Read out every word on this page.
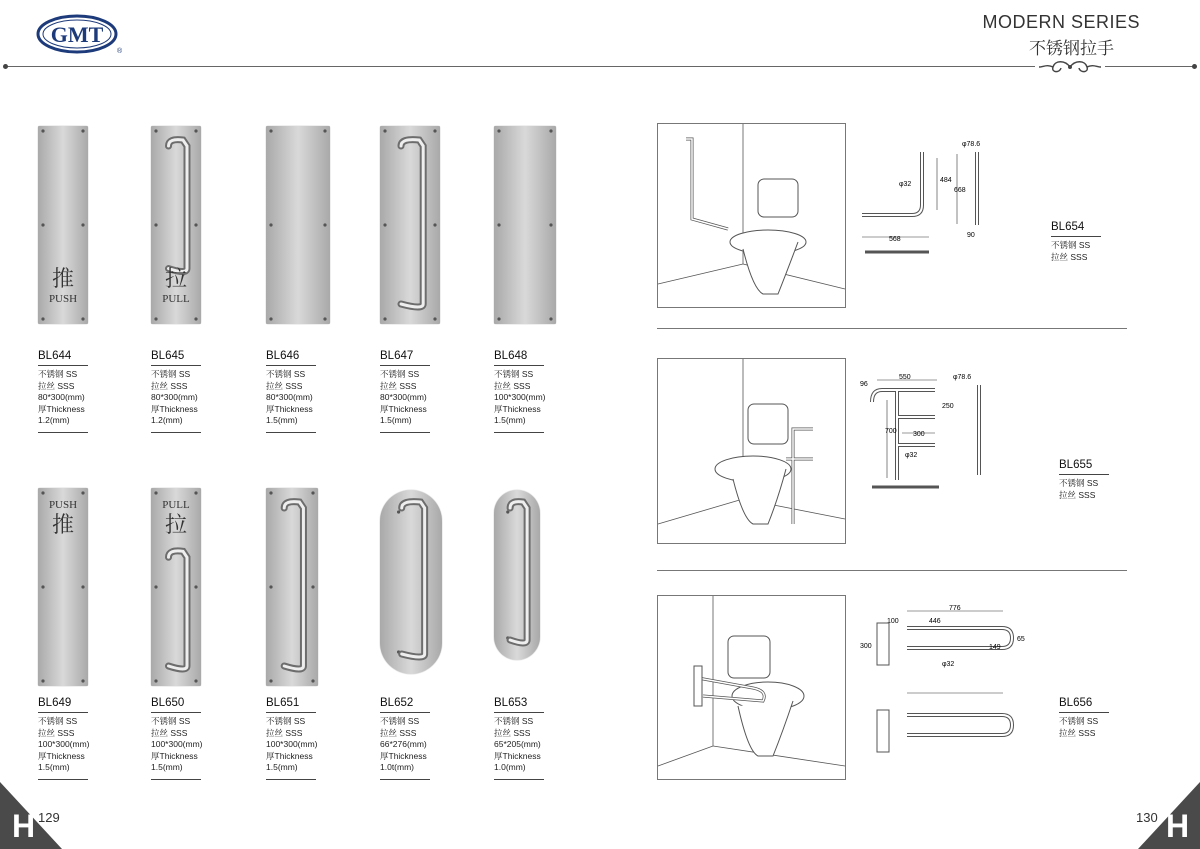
GMT
®
MODERN SERIES
不锈钢拉手
推
PUSH
BL644
不锈钢 SS
拉丝 SSS
80*300(mm)
厚Thickness
1.2(mm)
拉
PULL
BL645
不锈钢 SS
拉丝 SSS
80*300(mm)
厚Thickness
1.2(mm)
BL646
不锈钢 SS
拉丝 SSS
80*300(mm)
厚Thickness
1.5(mm)
BL647
不锈钢 SS
拉丝 SSS
80*300(mm)
厚Thickness
1.5(mm)
BL648
不锈钢 SS
拉丝 SSS
100*300(mm)
厚Thickness
1.5(mm)
PUSH
推
BL649
不锈钢 SS
拉丝 SSS
100*300(mm)
厚Thickness
1.5(mm)
PULL
拉
BL650
不锈钢 SS
拉丝 SSS
100*300(mm)
厚Thickness
1.5(mm)
BL651
不锈钢 SS
拉丝 SSS
100*300(mm)
厚Thickness
1.5(mm)
BL652
不锈钢 SS
拉丝 SSS
66*276(mm)
厚Thickness
1.0t(mm)
BL653
不锈钢 SS
拉丝 SSS
65*205(mm)
厚Thickness
1.0(mm)
φ78.6
φ32
484
668
90
568
BL654
不锈钢 SS
拉丝 SSS
96
550	φ78.6
250
700 300
φ32
BL655
不锈钢 SS
拉丝 SSS
776
100	446
300	149
65
φ32
BL656
不锈钢 SS
拉丝 SSS
H 129	H
130
